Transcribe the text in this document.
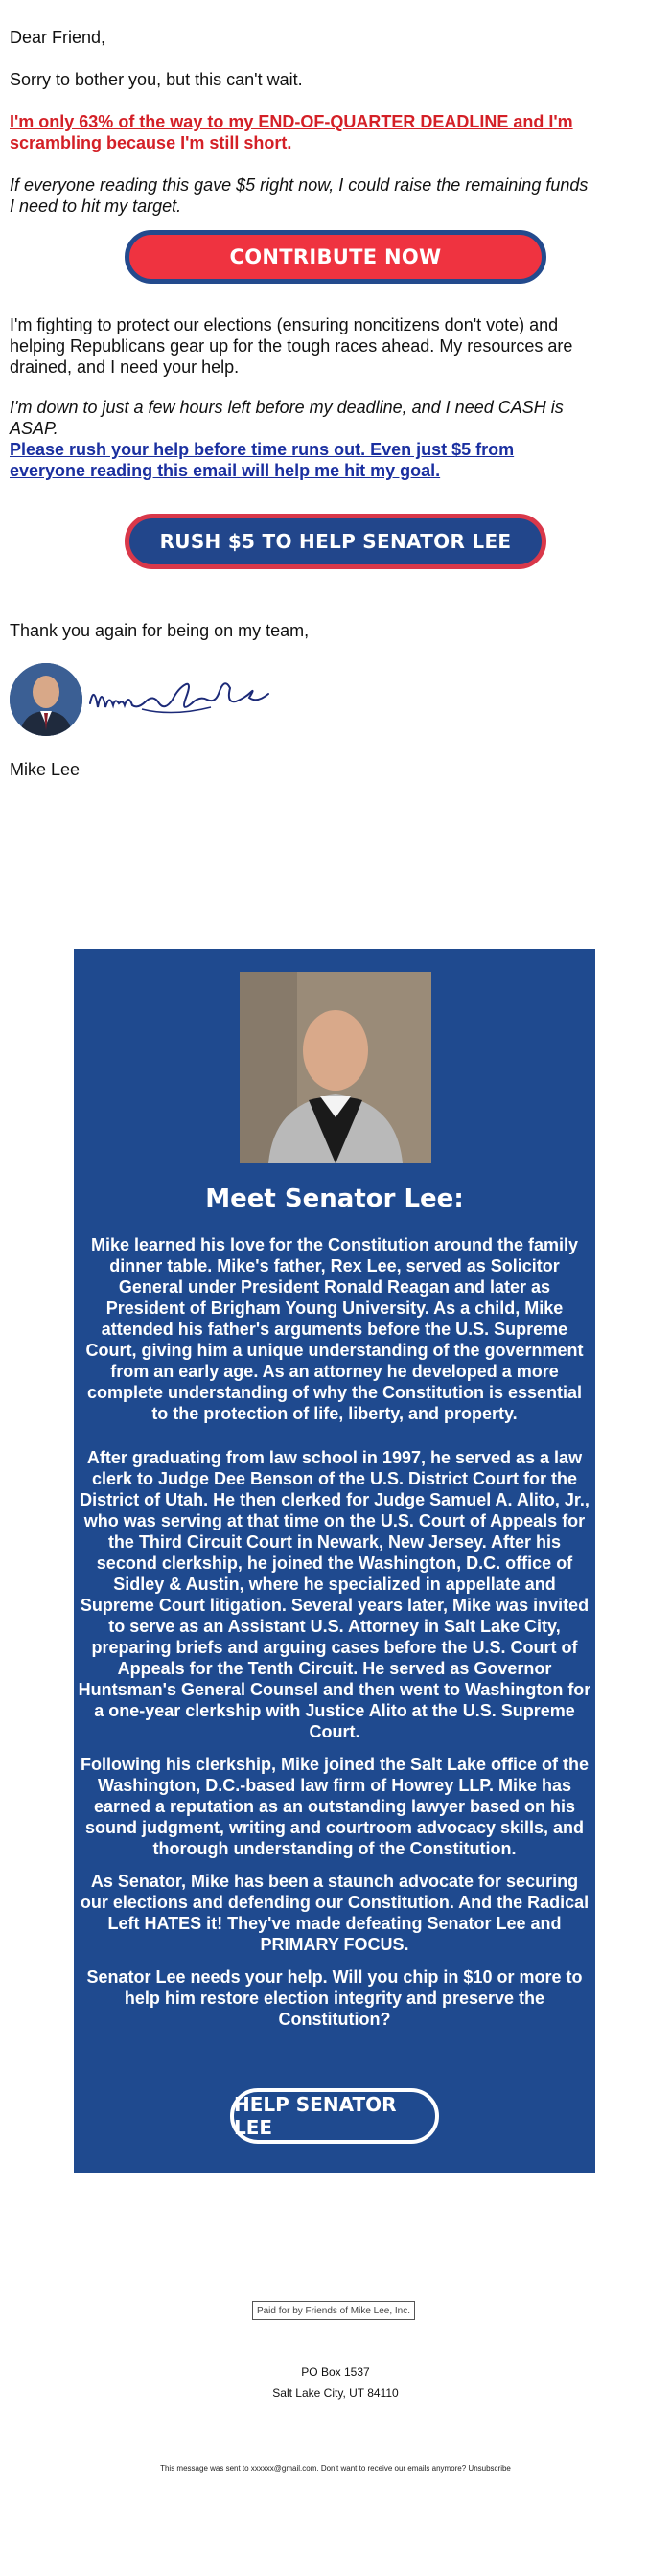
Dear Friend,

Sorry to bother you, but this can't wait.

I'm only 63% of the way to my END-OF-QUARTER DEADLINE and I'm scrambling because I'm still short.

If everyone reading this gave $5 right now, I could raise the remaining funds I need to hit my target.

CONTRIBUTE NOW

I'm fighting to protect our elections (ensuring noncitizens don't vote) and helping Republicans gear up for the tough races ahead. My resources are drained, and I need your help.

I'm down to just a few hours left before my deadline, and I need CASH is ASAP.

Please rush your help before time runs out. Even just $5 from everyone reading this email will help me hit my goal.

RUSH $5 TO HELP SENATOR LEE

Thank you again for being on my team,

Mike Lee

Meet Senator Lee:

Mike learned his love for the Constitution around the family dinner table. Mike's father, Rex Lee, served as Solicitor General under President Ronald Reagan and later as President of Brigham Young University. As a child, Mike attended his father's arguments before the U.S. Supreme Court, giving him a unique understanding of the government from an early age. As an attorney he developed a more complete understanding of why the Constitution is essential to the protection of life, liberty, and property.

After graduating from law school in 1997, he served as a law clerk to Judge Dee Benson of the U.S. District Court for the District of Utah. He then clerked for Judge Samuel A. Alito, Jr., who was serving at that time on the U.S. Court of Appeals for the Third Circuit Court in Newark, New Jersey. After his second clerkship, he joined the Washington, D.C. office of Sidley & Austin, where he specialized in appellate and Supreme Court litigation. Several years later, Mike was invited to serve as an Assistant U.S. Attorney in Salt Lake City, preparing briefs and arguing cases before the U.S. Court of Appeals for the Tenth Circuit. He served as Governor Huntsman's General Counsel and then went to Washington for a one-year clerkship with Justice Alito at the U.S. Supreme Court.

Following his clerkship, Mike joined the Salt Lake office of the Washington, D.C.-based law firm of Howrey LLP. Mike has earned a reputation as an outstanding lawyer based on his sound judgment, writing and courtroom advocacy skills, and thorough understanding of the Constitution.

As Senator, Mike has been a staunch advocate for securing our elections and defending our Constitution. And the Radical Left HATES it! They've made defeating Senator Lee and PRIMARY FOCUS.

Senator Lee needs your help. Will you chip in $10 or more to help him restore election integrity and preserve the Constitution?

HELP SENATOR LEE
Paid for by Friends of Mike Lee, Inc.

PO Box 1537

Salt Lake City, UT 84110

This message was sent to xxxxxx@gmail.com. Don't want to receive our emails anymore? Unsubscribe
